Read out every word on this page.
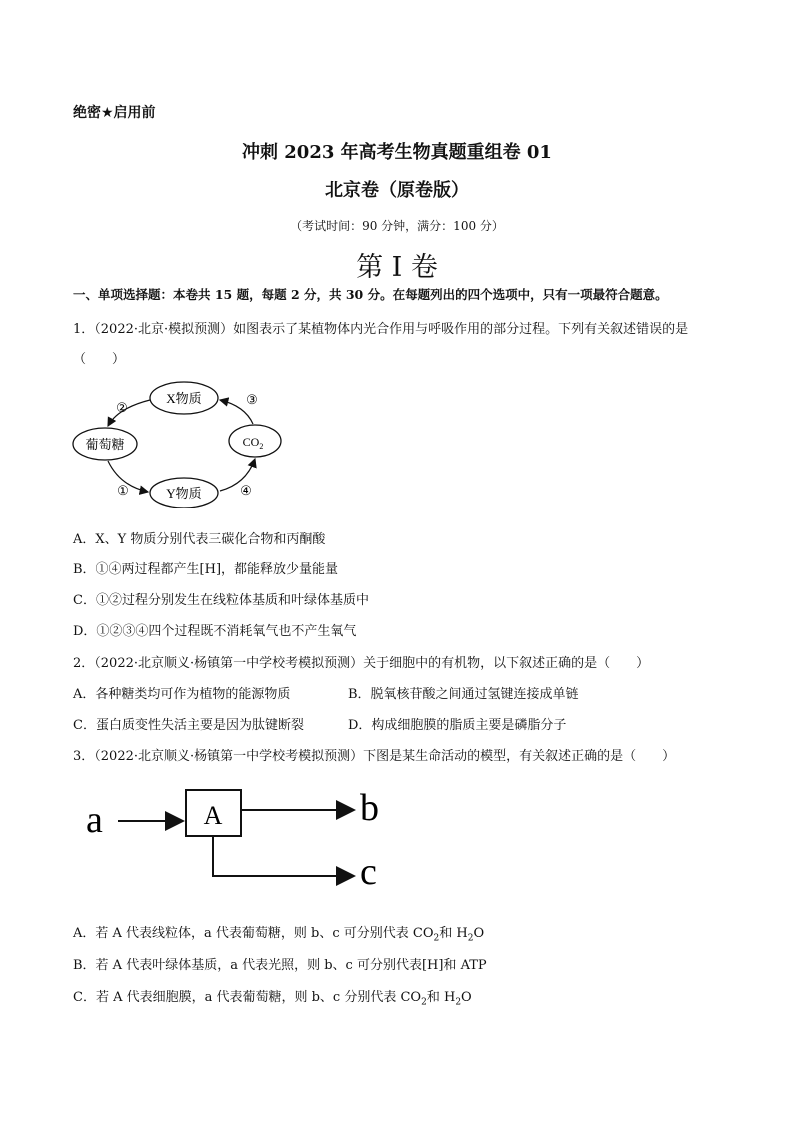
绝密★启用前
冲刺 2023 年高考生物真题重组卷 01
北京卷（原卷版）
（考试时间：90 分钟，满分：100 分）
第 I 卷
一、单项选择题：本卷共 15 题，每题 2 分，共 30 分。在每题列出的四个选项中，只有一项最符合题意。
1．（2022·北京·模拟预测）如图表示了某植物体内光合作用与呼吸作用的部分过程。下列有关叙述错误的是
（　　）
X物质
葡萄糖	$CO_2$
Y物质
②
③
①	④
A．X、Y 物质分别代表三碳化合物和丙酮酸
B．①④两过程都产生[H]，都能释放少量能量
C．①②过程分别发生在线粒体基质和叶绿体基质中
D．①②③④四个过程既不消耗氧气也不产生氧气
2．（2022·北京顺义·杨镇第一中学校考模拟预测）关于细胞中的有机物，以下叙述正确的是（　　）
A．各种糖类均可作为植物的能源物质	B．脱氧核苷酸之间通过氢键连接成单链
C．蛋白质变性失活主要是因为肽键断裂	D．构成细胞膜的脂质主要是磷脂分子
3．（2022·北京顺义·杨镇第一中学校考模拟预测）下图是某生命活动的模型，有关叙述正确的是（　　）
a	A	b
c
A．若 A 代表线粒体，a 代表葡萄糖，则 b、c 可分别代表 $CO_2$和 $H_2O$
B．若 A 代表叶绿体基质，a 代表光照，则 b、c 可分别代表[H]和 ATP
C．若 A 代表细胞膜，a 代表葡萄糖，则 b、c 分别代表 $CO_2$和 $H_2O$
